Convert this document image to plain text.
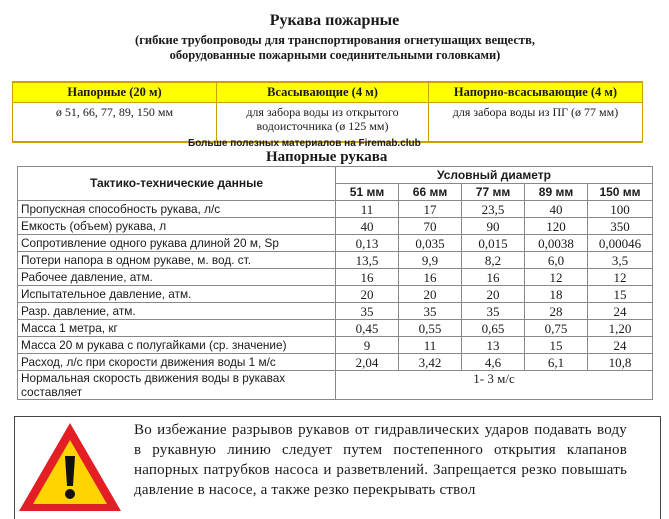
Рукава пожарные
(гибкие трубопроводы для транспортирования огнетушащих веществ,
оборудованные пожарными соединительными головками)
Напорные (20 м)	Всасывающие (4 м)	Напорно-всасывающие (4 м)
ø 51, 66, 77, 89, 150 мм	для забора воды из открытого водоисточника (ø 125 мм)	для забора воды из ПГ (ø 77 мм)
Больше полезных материалов на Firemab.club
Напорные рукава
Тактико-технические данные	Условный диаметр				
	51 мм	66 мм	77 мм	89 мм	150 мм
Пропускная способность рукава, л/с	11	17	23,5	40	100
Емкость (объем) рукава, л	40	70	90	120	350
Сопротивление одного рукава длиной 20 м, Sp	0,13	0,035	0,015	0,0038	0,00046
Потери напора в одном рукаве, м. вод. ст.	13,5	9,9	8,2	6,0	3,5
Рабочее давление, атм.	16	16	16	12	12
Испытательное давление, атм.	20	20	20	18	15
Разр. давление, атм.	35	35	35	28	24
Масса 1 метра, кг	0,45	0,55	0,65	0,75	1,20
Масса 20 м рукава с полугайками (ср. значение)	9	11	13	15	24
Расход, л/с при скорости движения воды 1 м/с	2,04	3,42	4,6	6,1	10,8

Нормальная скорость движения воды в рукавах
составляет	1- 3 м/с				
Во избежание разрывов рукавов от гидравлических ударов подавать воду в рукавную линию следует путем постепенного открытия клапанов напорных патрубков насоса и разветвлений. Запрещается резко повышать давление в насосе, а также резко перекрывать ствол
